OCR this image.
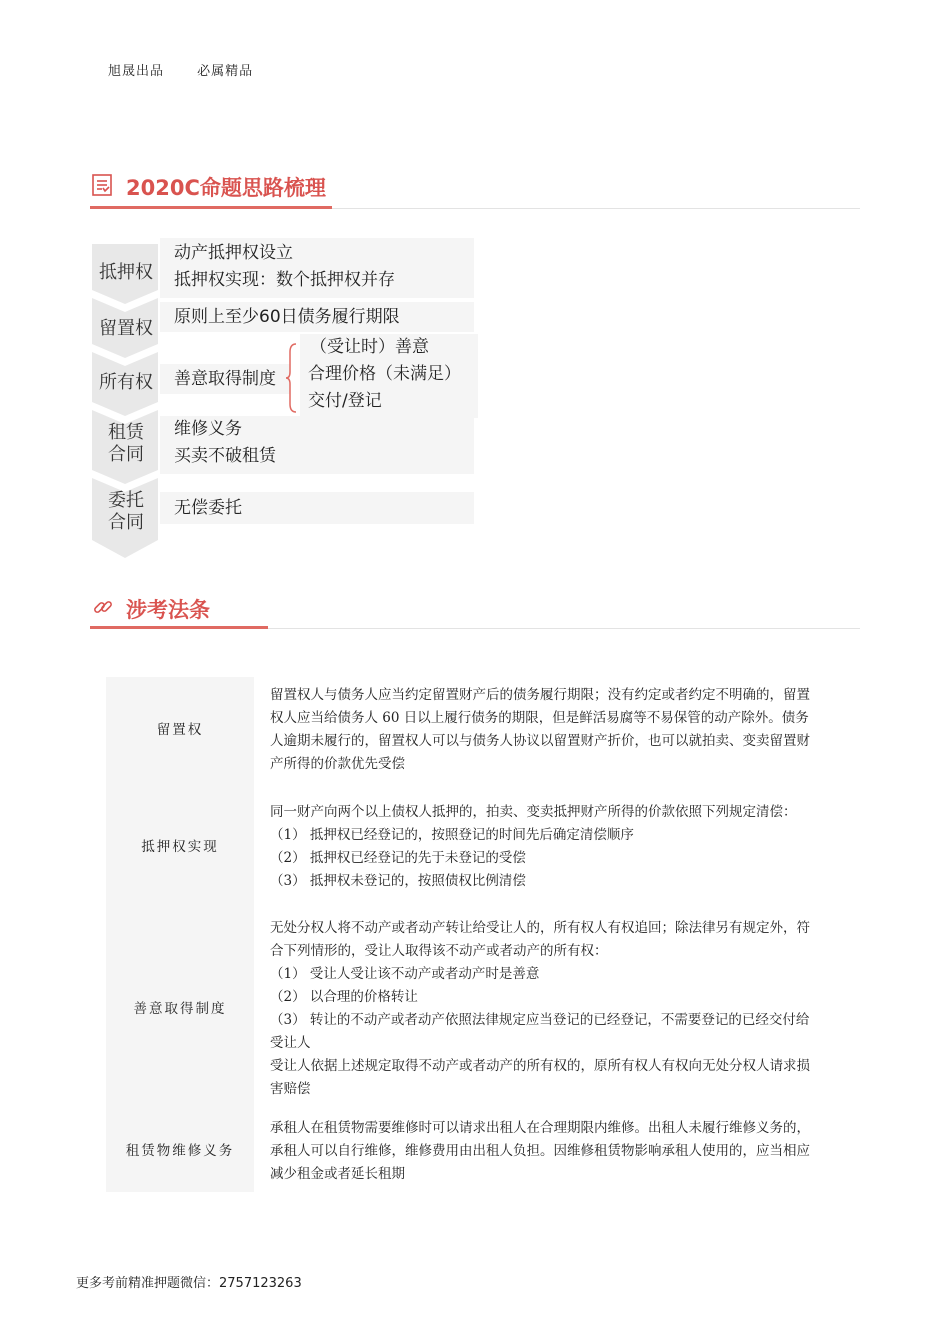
旭晟出品	必属精品
2020C命题思路梳理
抵押权
留置权
所有权
租赁
合同
委托
合同
动产抵押权设立
抵押权实现：数个抵押权并存
原则上至少60日债务履行期限
善意取得制度
（受让时）善意
合理价格（未满足）
交付/登记
维修义务
买卖不破租赁
无偿委托
涉考法条
留置权	留置权人与债务人应当约定留置财产后的债务履行期限；没有约定或者约定不明确的，留置权人应当给债务人 60 日以上履行债务的期限，但是鲜活易腐等不易保管的动产除外。债务人逾期未履行的，留置权人可以与债务人协议以留置财产折价，也可以就拍卖、变卖留置财产所得的价款优先受偿

抵押权实现	同一财产向两个以上债权人抵押的，拍卖、变卖抵押财产所得的价款依照下列规定清偿：
（1） 抵押权已经登记的，按照登记的时间先后确定清偿顺序
（2） 抵押权已经登记的先于未登记的受偿
（3） 抵押权未登记的，按照债权比例清偿

善意取得制度	无处分权人将不动产或者动产转让给受让人的，所有权人有权追回；除法律另有规定外，符合下列情形的，受让人取得该不动产或者动产的所有权：
（1） 受让人受让该不动产或者动产时是善意
（2） 以合理的价格转让
（3） 转让的不动产或者动产依照法律规定应当登记的已经登记，不需要登记的已经交付给受让人
受让人依据上述规定取得不动产或者动产的所有权的，原所有权人有权向无处分权人请求损害赔偿

租赁物维修义务	承租人在租赁物需要维修时可以请求出租人在合理期限内维修。出租人未履行维修义务的，承租人可以自行维修，维修费用由出租人负担。因维修租赁物影响承租人使用的，应当相应减少租金或者延长租期
更多考前精准押题微信：2757123263
